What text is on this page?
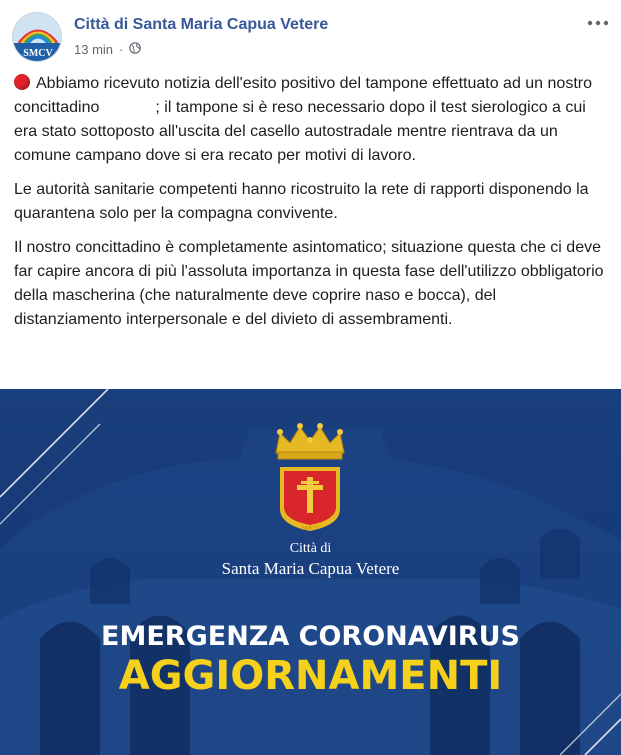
SMCV
Città di Santa Maria Capua Vetere
13 min ·

Abbiamo ricevuto notizia dell'esito positivo del tampone effettuato ad un nostro concittadino	; il tampone si è reso necessario dopo il test sierologico a cui era stato sottoposto all'uscita del casello autostradale mentre rientrava da un comune campano dove si era recato per motivi di lavoro.

Le autorità sanitarie competenti hanno ricostruito la rete di rapporti disponendo la quarantena solo per la compagna convivente.

Il nostro concittadino è completamente asintomatico; situazione questa che ci deve far capire ancora di più l'assoluta importanza in questa fase dell'utilizzo obbligatorio della mascherina (che naturalmente deve coprire naso e bocca), del distanziamento interpersonale e del divieto di assembramenti.

SMCV
Città di
Santa Maria Capua Vetere
EMERGENZA CORONAVIRUS
AGGIORNAMENTI
